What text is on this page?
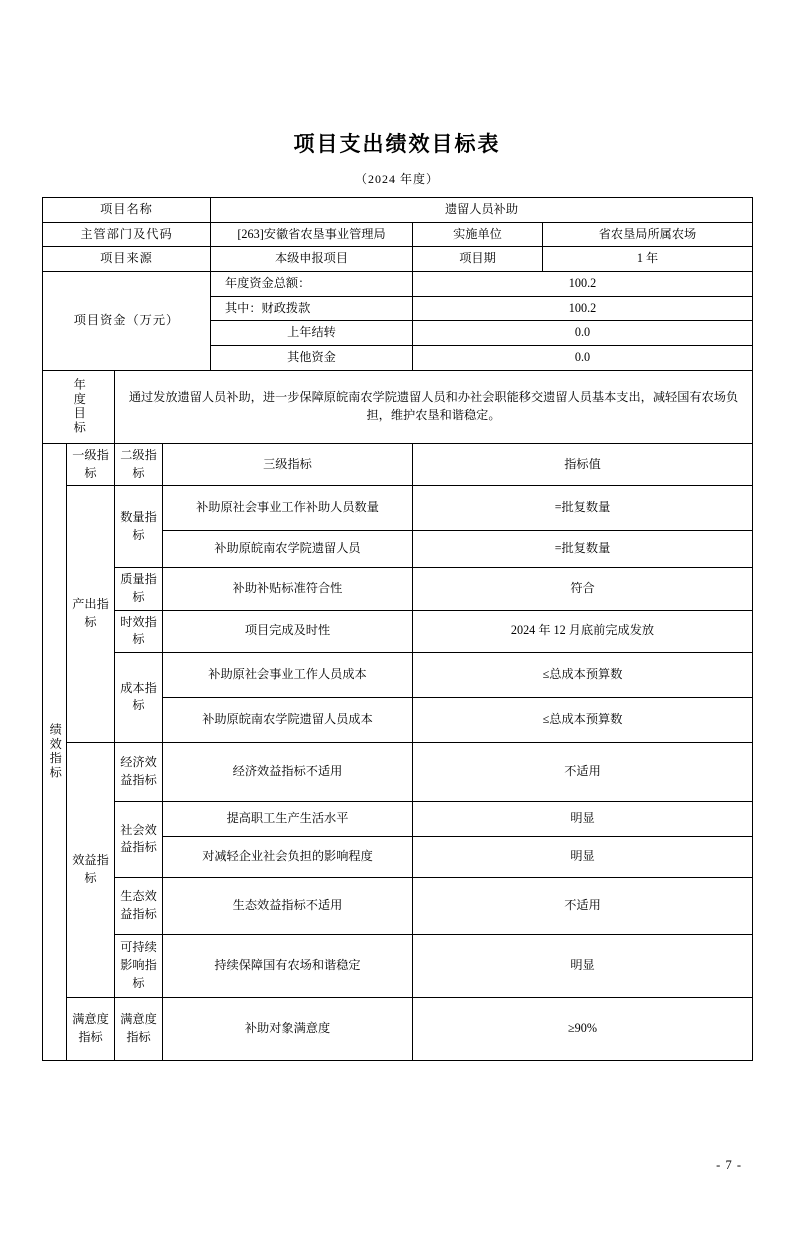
项目支出绩效目标表
（2024 年度）
项目名称				遗留人员补助		
主管部门及代码				[263]安徽省农垦事业管理局	实施单位	省农垦局所属农场
项目来源				本级申报项目	项目期	1 年
项目资金（万元）				年度资金总额：	100.2	
				其中：财政拨款	100.2	
				上年结转	0.0	
				其他资金	0.0	

年度目标		通过发放遗留人员补助，进一步保障原皖南农学院遗留人员和办社会职能移交遗留人员基本支出，减轻国有农场负担，维护农垦和谐稳定。				

绩效指标	一级指标	二级指标	三级指标		指标值	
	产出指标	数量指标	补助原社会事业工作补助人员数量		=批复数量	
			补助原皖南农学院遗留人员		=批复数量	
		质量指标	补助补贴标准符合性		符合	
		时效指标	项目完成及时性		2024 年 12 月底前完成发放	
		成本指标	补助原社会事业工作人员成本		≤总成本预算数	
			补助原皖南农学院遗留人员成本		≤总成本预算数	
	效益指标	经济效益指标	经济效益指标不适用		不适用	
		社会效益指标	提高职工生产生活水平		明显	
			对减轻企业社会负担的影响程度		明显	
		生态效益指标	生态效益指标不适用		不适用	
		可持续影响指标	持续保障国有农场和谐稳定		明显	
	满意度指标	满意度指标	补助对象满意度		≥90%	
- 7 -
